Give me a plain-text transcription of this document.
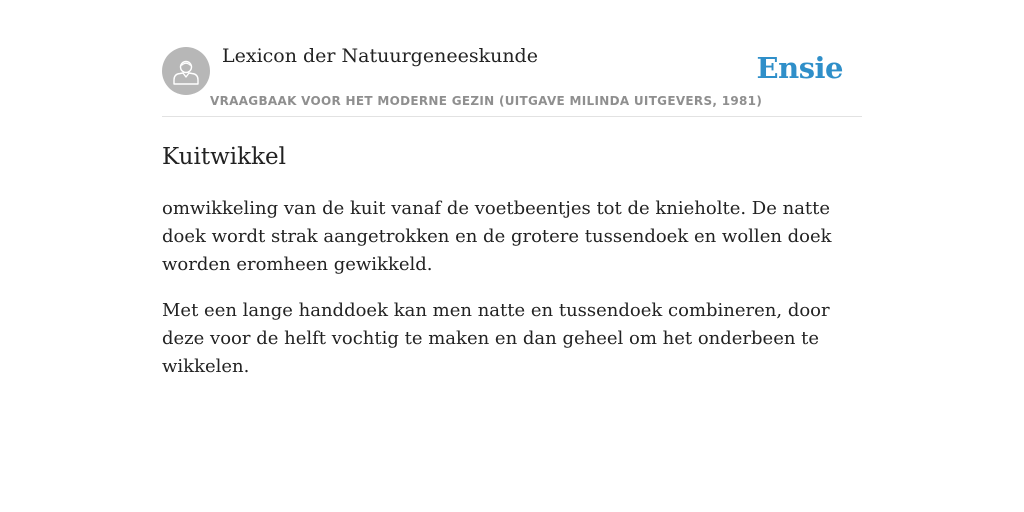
Lexicon der Natuurgeneeskunde
VRAAGBAAK VOOR HET MODERNE GEZIN (UITGAVE MILINDA UITGEVERS, 1981)
Ensie
Kuitwikkel

omwikkeling van de kuit vanaf de voetbeentjes tot de knieholte. De natte doek wordt strak aangetrokken en de grotere tussendoek en wollen doek worden eromheen gewikkeld.

Met een lange handdoek kan men natte en tussendoek combineren, door deze voor de helft vochtig te maken en dan geheel om het onderbeen te wikkelen.
